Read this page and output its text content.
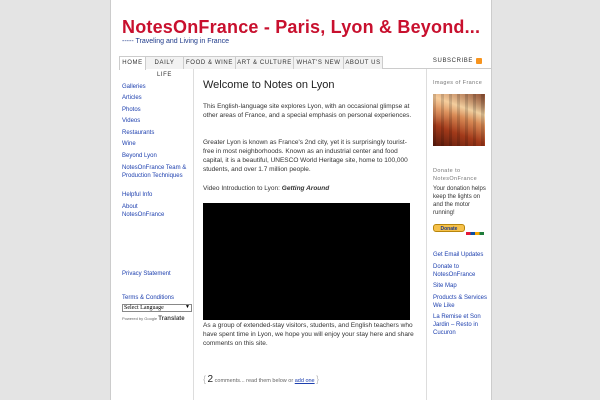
NotesOnFrance - Paris, Lyon & Beyond...
----- Traveling and Living in France
HOME	DAILY LIFE
FOOD & WINE ART & CULTURE WHAT'S NEW ABOUT US	SUBSCRIBE
Galleries
Articles
Photos
Videos
Restaurants
Wine
Beyond Lyon
NotesOnFrance Team & Production Techniques
Helpful Info
About NotesOnFrance
Select Language	▼
Powered by Google Translate
Privacy Statement
Terms & Conditions
Welcome to Notes on Lyon

This English-language site explores Lyon, with an occasional glimpse at other areas of France, and a special emphasis on personal experiences.

Greater Lyon is known as France's 2nd city, yet it is surprisingly tourist-free in most neighborhoods. Known as an industrial center and food capital, it is a beautiful, UNESCO World Heritage site, home to 100,000 students, and over 1.7 million people.

Video Introduction to Lyon: Getting Around

As a group of extended-stay visitors, students, and English teachers who have spent time in Lyon, we hope you will enjoy your stay here and share comments on this site.

{ 2 comments... read them below or add one }
Images of France
Donate to NotesOnFrance
Your donation helps keep the lights on and the motor running!
Donate
Get Email Updates
Donate to NotesOnFrance
Site Map
Products & Services We Like
La Remise et Son Jardin – Resto in Cucuron
